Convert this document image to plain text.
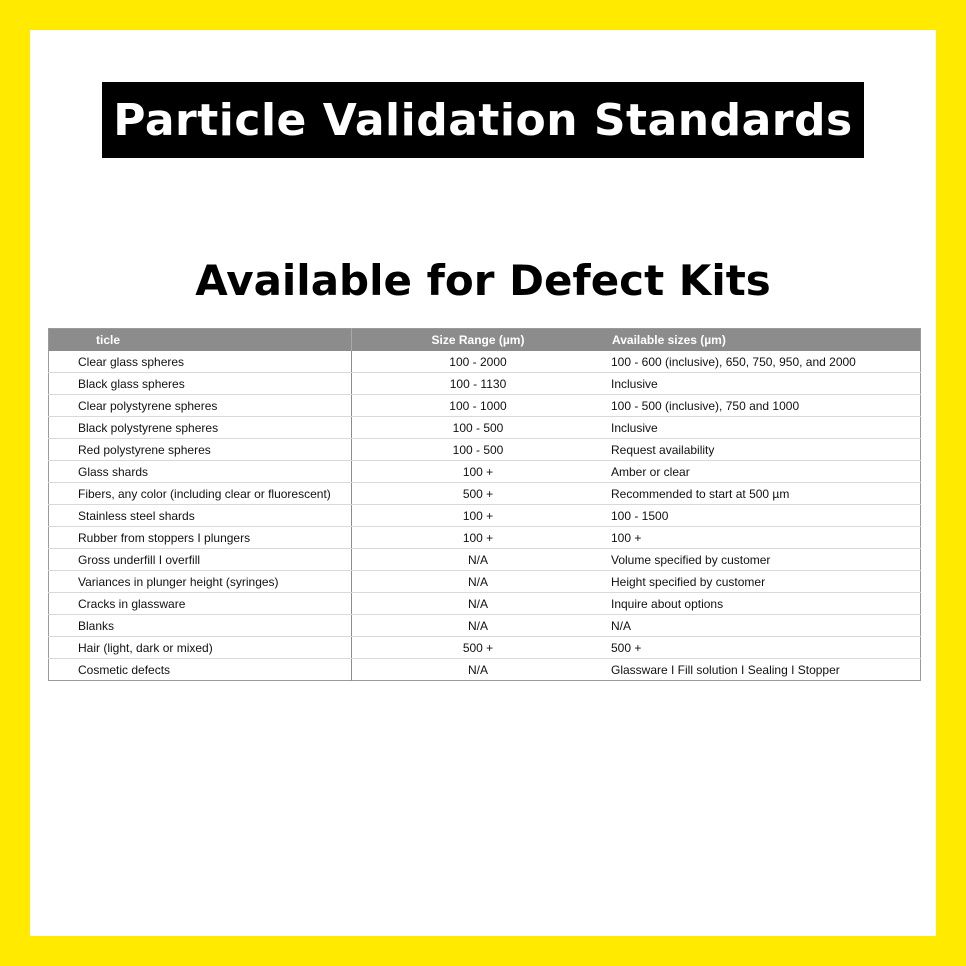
Particle Validation Standards
Available for Defect Kits
ticle	Size Range (µm)	Available sizes (µm)
Clear glass spheres	100 - 2000	100 - 600 (inclusive), 650, 750, 950, and 2000
Black glass spheres	100 - 1130	Inclusive
Clear polystyrene spheres	100 - 1000	100 - 500 (inclusive), 750 and 1000
Black polystyrene spheres	100 - 500	Inclusive
Red polystyrene spheres	100 - 500	Request availability
Glass shards	100 +	Amber or clear
Fibers, any color (including clear or fluorescent)	500 +	Recommended to start at 500 µm
Stainless steel shards	100 +	100 - 1500
Rubber from stoppers I plungers	100 +	100 +
Gross underfill I overfill	N/A	Volume specified by customer
Variances in plunger height (syringes)	N/A	Height specified by customer
Cracks in glassware	N/A	Inquire about options
Blanks	N/A	N/A
Hair (light, dark or mixed)	500 +	500 +
Cosmetic defects	N/A	Glassware I Fill solution I Sealing I Stopper
